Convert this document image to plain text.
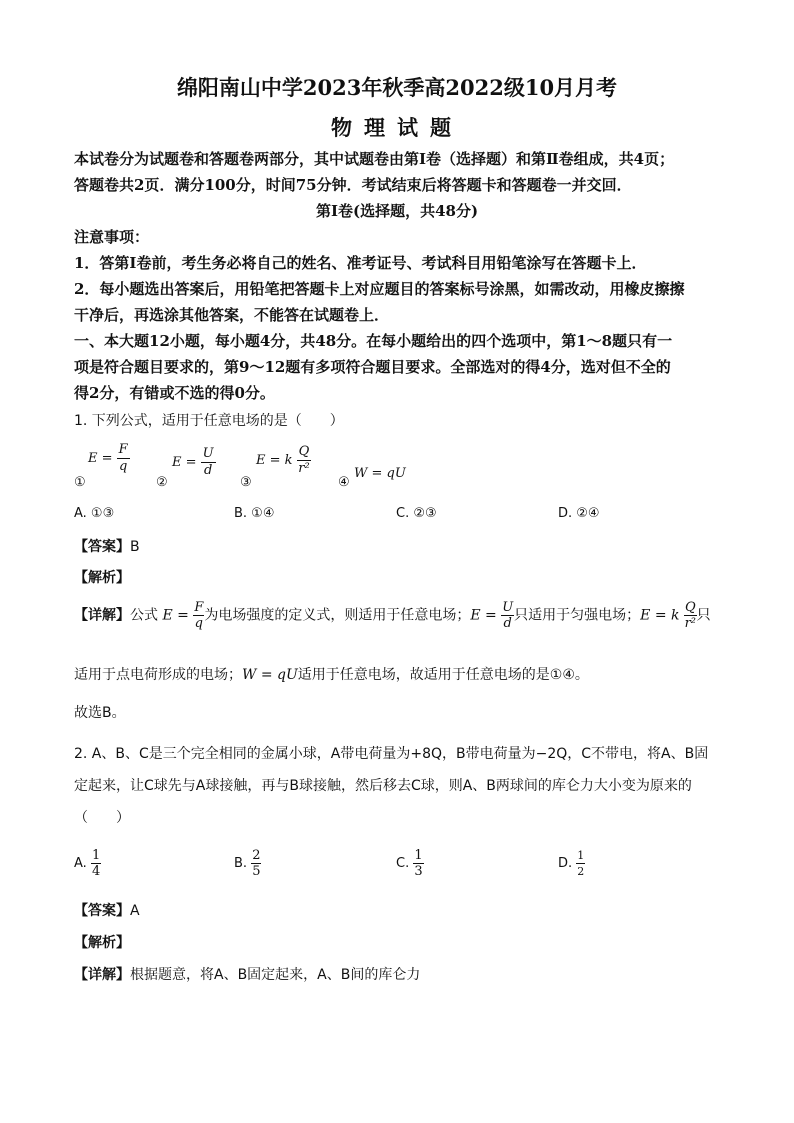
绵阳南山中学2023年秋季高2022级10月月考
物理试题
本试卷分为试题卷和答题卷两部分，其中试题卷由第Ⅰ卷（选择题）和第Ⅱ卷组成，共4页；
答题卷共2页．满分100分，时间75分钟．考试结束后将答题卡和答题卷一并交回．
第Ⅰ卷(选择题，共48分)
注意事项：
1．答第Ⅰ卷前，考生务必将自己的姓名、准考证号、考试科目用铅笔涂写在答题卡上．
2．每小题选出答案后，用铅笔把答题卡上对应题目的答案标号涂黑，如需改动，用橡皮擦擦
干净后，再选涂其他答案，不能答在试题卷上．
一、本大题12小题，每小题4分，共48分。在每小题给出的四个选项中，第1～8题只有一
项是符合题目要求的，第9～12题有多项符合题目要求。全部选对的得4分，选对但不全的
得2分，有错或不选的得0分。
1. 下列公式，适用于任意电场的是（　　）
$E = \frac{F}{q}$
①
$E = \frac{U}{d}$
②
E = k $\frac{Q}{\text{r²}}$
③
W = qU
④
A. ①③	B. ①④	C. ②③	D. ②④
【答案】B
【解析】
【详解】公式 $E = \frac{F}{q}$ 为电场强度的定义式，则适用于任意电场；$E = \frac{U}{d}$ 只适用于匀强电场；E = k $\frac{Q}{\text{r²}}$ 只
适用于点电荷形成的电场；W = qU适用于任意电场，故适用于任意电场的是①④。
故选B。
2. A、B、C是三个完全相同的金属小球，A带电荷量为+8Q，B带电荷量为−2Q，C不带电，将A、B固
定起来，让C球先与A球接触，再与B球接触，然后移去C球，则A、B两球间的库仑力大小变为原来的
（　　）
A. $\frac{1}{4}$	B. $\frac{2}{5}$	C. $\frac{1}{3}$	D. $\frac{1}{2}$
【答案】A
【解析】
【详解】根据题意，将A、B固定起来，A、B间的库仑力
